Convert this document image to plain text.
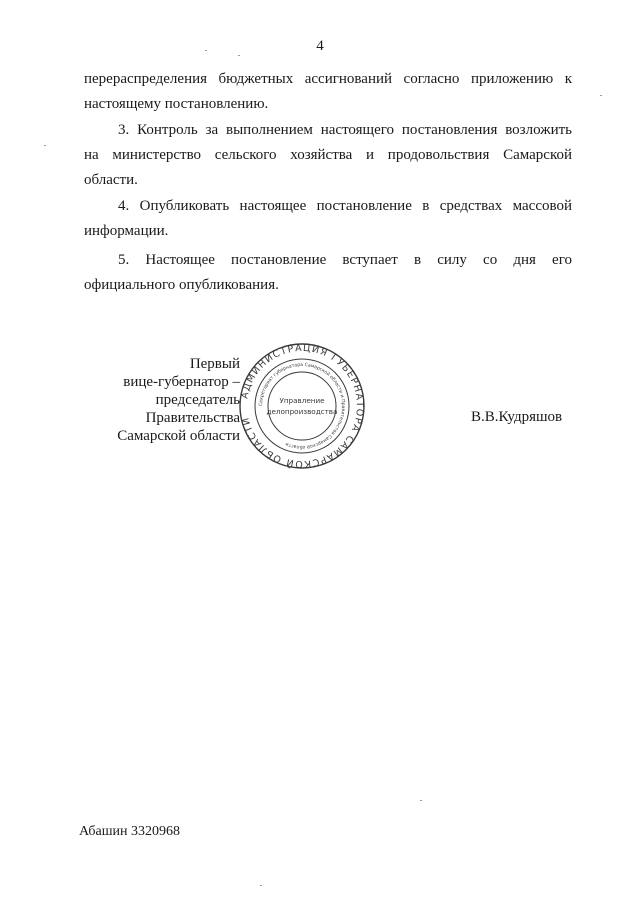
4

перераспределения бюджетных ассигнований согласно приложению к
настоящему постановлению.

3. Контроль за выполнением настоящего постановления возложить
на министерство сельского хозяйства и продовольствия Самарской
области.

4. Опубликовать настоящее постановление в средствах массовой
информации.

5. Настоящее постановление вступает в силу со дня его
официального опубликования.

Первый
вице-губернатор –
председатель Правительства
Самарской области
АДМИНИСТРАЦИЯ ГУБЕРНАТОРА САМАРСКОЙ ОБЛАСТИ
Секретариат губернатора Самарской области и Правительства Самарской области
Управление
делопроизводства	В.В.Кудряшов
Абашин 3320968
